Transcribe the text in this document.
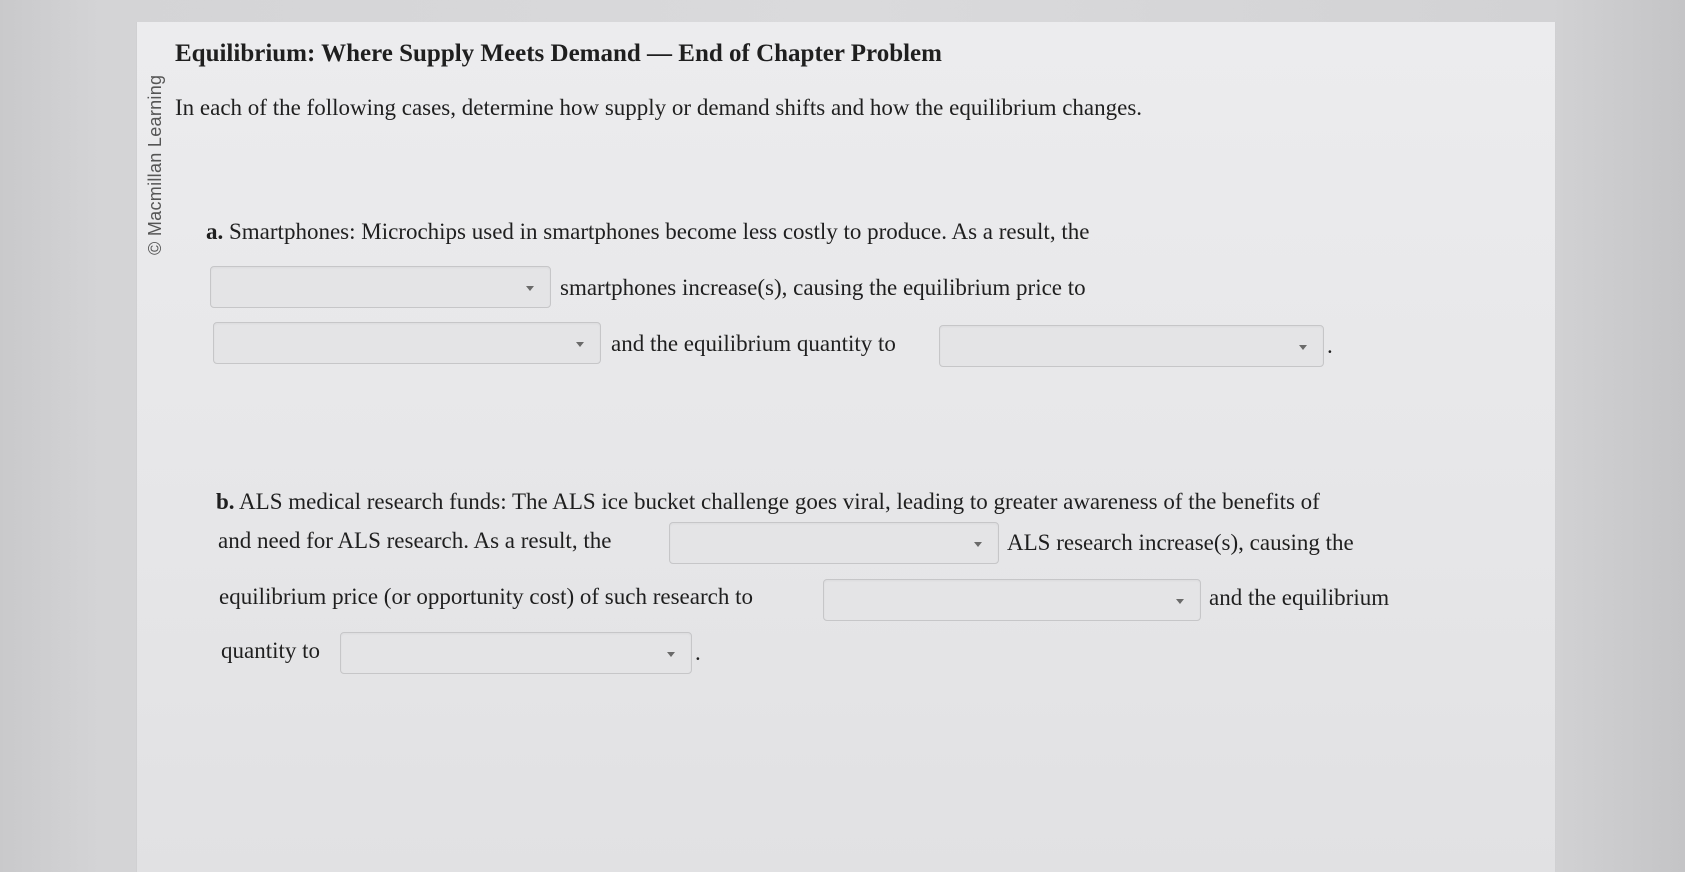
© Macmillan Learning
Equilibrium: Where Supply Meets Demand — End of Chapter Problem
In each of the following cases, determine how supply or demand shifts and how the equilibrium changes.
a. Smartphones: Microchips used in smartphones become less costly to produce. As a result, the
smartphones increase(s), causing the equilibrium price to
and the equilibrium quantity to	.
b. ALS medical research funds: The ALS ice bucket challenge goes viral, leading to greater awareness of the benefits of
and need for ALS research. As a result, the	ALS research increase(s), causing the
equilibrium price (or opportunity cost) of such research to	and the equilibrium
quantity to	.
